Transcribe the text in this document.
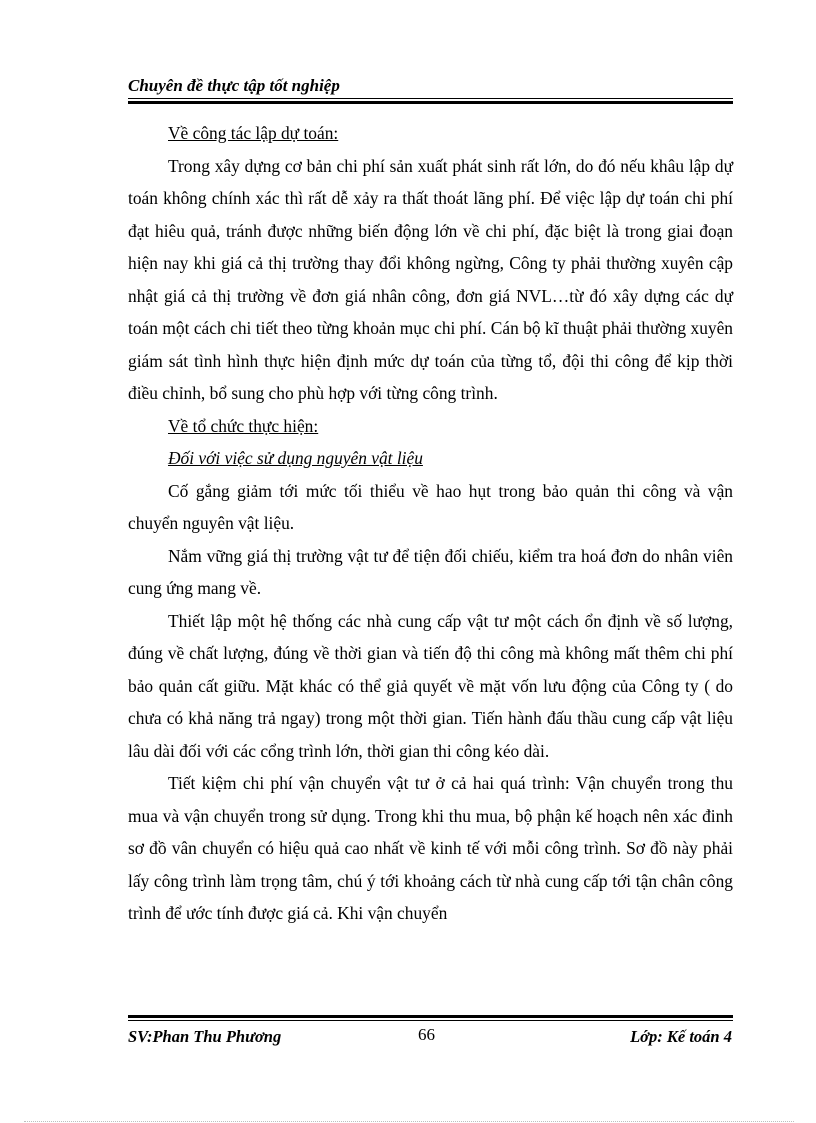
Chuyên đề thực tập tốt nghiệp

Về công tác lập dự toán:

Trong xây dựng cơ bản chi phí sản xuất phát sinh rất lớn, do đó nếu khâu lập dự toán không chính xác thì rất dễ xảy ra thất thoát lãng phí. Để việc lập dự toán chi phí đạt hiêu quả, tránh được những biến động lớn về chi phí, đặc biệt là trong giai đoạn hiện nay khi giá cả thị trường thay đổi không ngừng, Công ty phải thường xuyên cập nhật giá cả thị trường về đơn giá nhân công, đơn giá NVL…từ đó xây dựng các dự toán một cách chi tiết theo từng khoản mục chi phí. Cán bộ kĩ thuật phải thường xuyên giám sát tình hình thực hiện định mức dự toán của từng tổ, đội thi công để kịp thời điều chỉnh, bổ sung cho phù hợp với từng công trình.

Về tổ chức thực hiện:

Đối với việc sử dụng nguyên vật liệu

Cố gắng giảm tới mức tối thiểu về hao hụt trong bảo quản thi công và vận chuyển nguyên vật liệu.

Nắm vững giá thị trường vật tư để tiện đối chiếu, kiểm tra hoá đơn do nhân viên cung ứng mang về.

Thiết lập một hệ thống các nhà cung cấp vật tư một cách ổn định về số lượng, đúng về chất lượng, đúng về thời gian và tiến độ thi công mà không mất thêm chi phí bảo quản cất giữu. Mặt khác có thể giả quyết về mặt vốn lưu động của Công ty ( do chưa có khả năng trả ngay) trong một thời gian. Tiến hành đấu thầu cung cấp vật liệu lâu dài đối với các cổng trình lớn, thời gian thi công kéo dài.

Tiết kiệm chi phí vận chuyển vật tư ở cả hai quá trình: Vận chuyển trong thu mua và vận chuyển trong sử dụng. Trong khi thu mua, bộ phận kế hoạch nên xác đinh sơ đồ vân chuyển có hiệu quả cao nhất về kinh tế với mỗi công trình. Sơ đồ này phải lấy công trình làm trọng tâm, chú ý tới khoảng cách từ nhà cung cấp tới tận chân công trình để ước tính được giá cả. Khi vận chuyển

SV:Phan Thu Phương	66	Lớp: Kế toán 4
